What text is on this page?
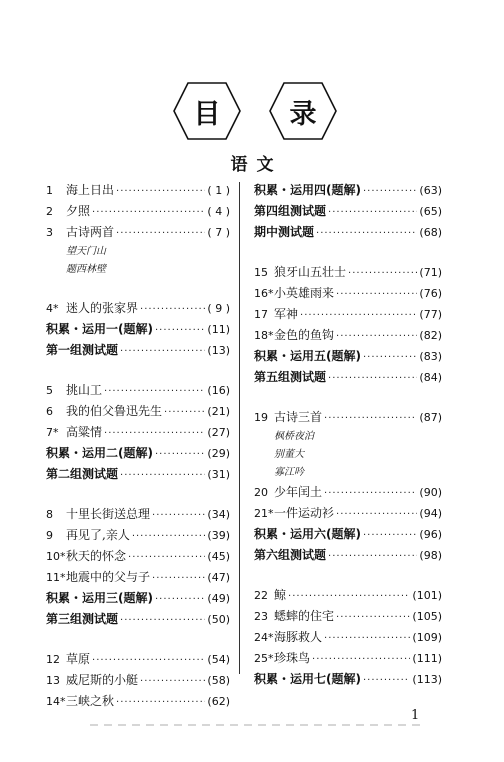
目	录
语 文
1	海上日出 ·····	( 1 )
2	夕照 ·····	( 4 )
3	古诗两首 ·····	( 7 )
望天门山
题西林壁
4* 迷人的张家界 ·····	( 9 )
积累・运用一(题解) ·····	(11)
第一组测试题 ·····	(13)
5	挑山工 ·····	(16)
6	我的伯父鲁迅先生 ·····	(21)
7* 高粱情 ·····	(27)
积累・运用二(题解) ·····	(29)
第二组测试题 ·····	(31)
8	十里长街送总理 ·····	(34)
9	再见了,亲人 ·····	(39)
10* 秋天的怀念 ·····	(45)
11* 地震中的父与子 ·····	(47)
积累・运用三(题解) ·····	(49)
第三组测试题 ·····	(50)
12 草原 ·····	(54)
13 威尼斯的小艇 ·····	(58)
14* 三峡之秋 ·····	(62)
积累・运用四(题解) ·····	(63)
第四组测试题 ·····	(65)
期中测试题 ·····	(68)
15 狼牙山五壮士 ·····	(71)
16* 小英雄雨来 ·····	(76)
17 军神 ·····	(77)
18* 金色的鱼钩 ·····	(82)
积累・运用五(题解) ·····	(83)
第五组测试题 ·····	(84)
19 古诗三首 ·····	(87)
枫桥夜泊
别董大
寡江吟
20 少年闰土 ·····	(90)
21* 一件运动衫 ·····	(94)
积累・运用六(题解) ·····	(96)
第六组测试题 ·····	(98)
22 鲸 ·····	(101)
23 蟋蟀的住宅 ·····	(105)
24* 海豚救人 ·····	(109)
25* 珍珠鸟 ·····	(111)
积累・运用七(题解) ·····	(113)
1
